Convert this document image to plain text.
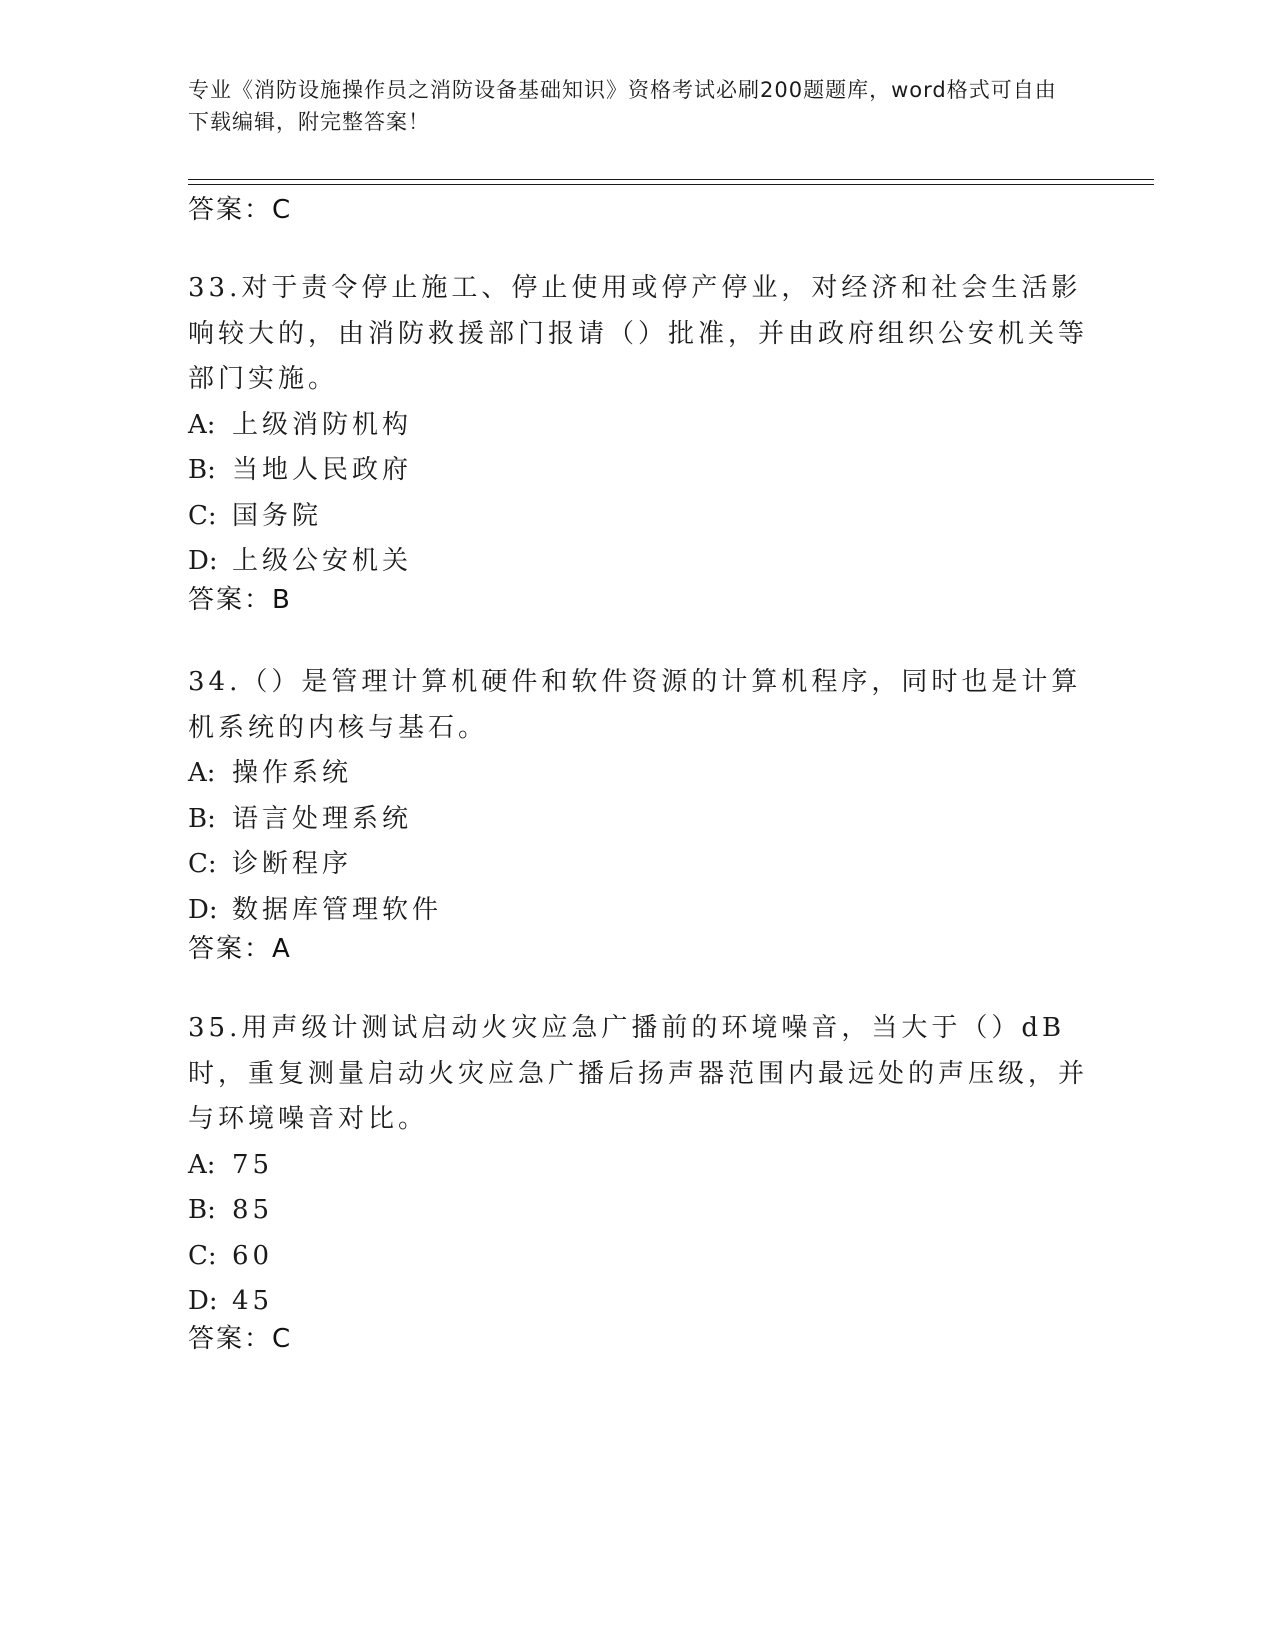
专业《消防设施操作员之消防设备基础知识》资格考试必刷200题题库，word格式可自由下载编辑，附完整答案！
答案：C

33.对于责令停止施工、停止使用或停产停业，对经济和社会生活影响较大的，由消防救援部门报请（）批准，并由政府组织公安机关等部门实施。

A: 上级消防机构
B: 当地人民政府
C: 国务院
D: 上级公安机关
答案：B

34.（）是管理计算机硬件和软件资源的计算机程序，同时也是计算机系统的内核与基石。

A: 操作系统
B: 语言处理系统
C: 诊断程序
D: 数据库管理软件
答案：A

35.用声级计测试启动火灾应急广播前的环境噪音，当大于（）dB时，重复测量启动火灾应急广播后扬声器范围内最远处的声压级，并与环境噪音对比。

A: 75
B: 85
C: 60
D: 45
答案：C
